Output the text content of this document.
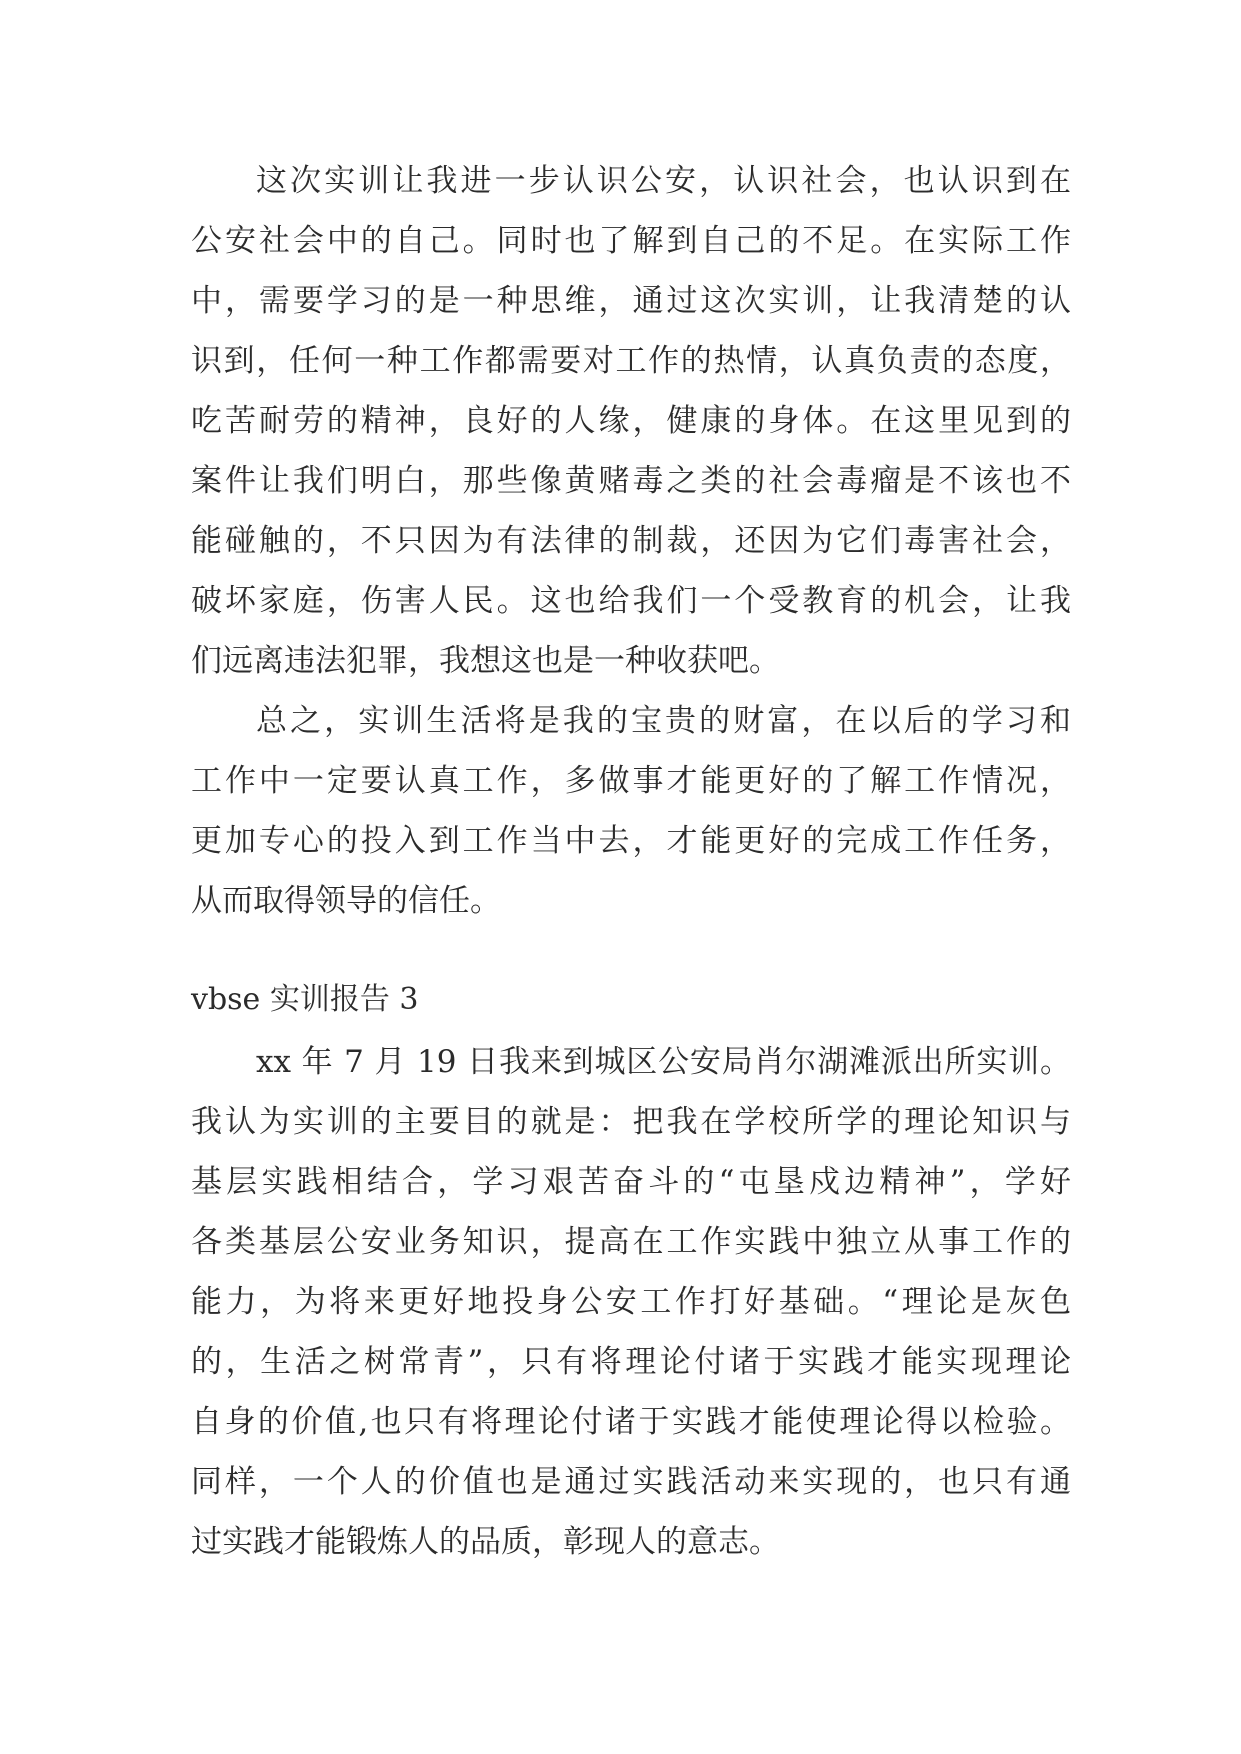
这次实训让我进一步认识公安，认识社会，也认识到在

公安社会中的自己。同时也了解到自己的不足。在实际工作

中，需要学习的是一种思维，通过这次实训，让我清楚的认

识到，任何一种工作都需要对工作的热情，认真负责的态度，

吃苦耐劳的精神，良好的人缘，健康的身体。在这里见到的

案件让我们明白，那些像黄赌毒之类的社会毒瘤是不该也不

能碰触的，不只因为有法律的制裁，还因为它们毒害社会，

破坏家庭，伤害人民。这也给我们一个受教育的机会，让我

们远离违法犯罪，我想这也是一种收获吧。

总之，实训生活将是我的宝贵的财富，在以后的学习和

工作中一定要认真工作，多做事才能更好的了解工作情况，

更加专心的投入到工作当中去，才能更好的完成工作任务，

从而取得领导的信任。

vbse 实训报告 3

xx 年 7 月 19 日我来到城区公安局肖尔湖滩派出所实训。

我认为实训的主要目的就是：把我在学校所学的理论知识与

基层实践相结合，学习艰苦奋斗的“屯垦戍边精神”，学好

各类基层公安业务知识，提高在工作实践中独立从事工作的

能力，为将来更好地投身公安工作打好基础。“理论是灰色

的，生活之树常青”，只有将理论付诸于实践才能实现理论

自身的价值,也只有将理论付诸于实践才能使理论得以检验。

同样，一个人的价值也是通过实践活动来实现的，也只有通

过实践才能锻炼人的品质，彰现人的意志。
